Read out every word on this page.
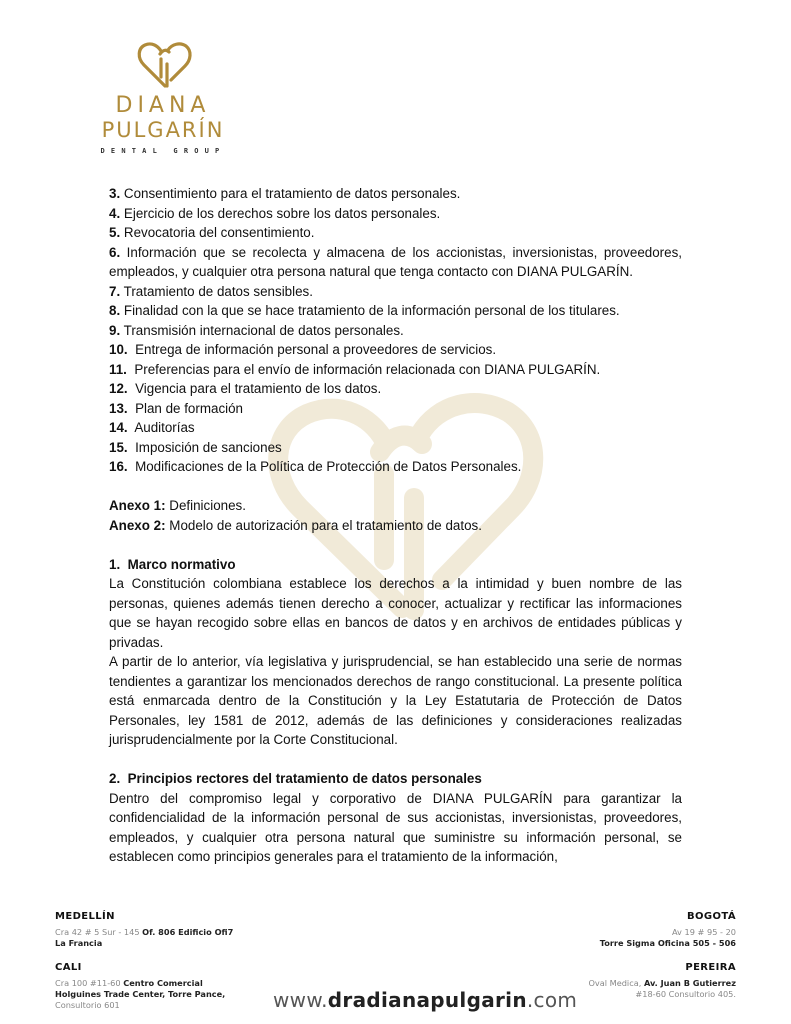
DIANA
PULGARÍN
DENTAL GROUP

3. Consentimiento para el tratamiento de datos personales.

4. Ejercicio de los derechos sobre los datos personales.

5. Revocatoria del consentimiento.

6. Información que se recolecta y almacena de los accionistas, inversionistas, proveedores, empleados, y cualquier otra persona natural que tenga contacto con DIANA PULGARÍN.

7. Tratamiento de datos sensibles.

8. Finalidad con la que se hace tratamiento de la información personal de los titulares.

9. Transmisión internacional de datos personales.

10. Entrega de información personal a proveedores de servicios.

11. Preferencias para el envío de información relacionada con DIANA PULGARÍN.

12. Vigencia para el tratamiento de los datos.

13. Plan de formación

14. Auditorías

15. Imposición de sanciones

16. Modificaciones de la Política de Protección de Datos Personales.

Anexo 1: Definiciones.

Anexo 2: Modelo de autorización para el tratamiento de datos.

1.  Marco normativo

La Constitución colombiana establece los derechos a la intimidad y buen nombre de las personas, quienes además tienen derecho a conocer, actualizar y rectificar las informaciones que se hayan recogido sobre ellas en bancos de datos y en archivos de entidades públicas y privadas.

A partir de lo anterior, vía legislativa y jurisprudencial, se han establecido una serie de normas tendientes a garantizar los mencionados derechos de rango constitucional. La presente política está enmarcada dentro de la Constitución y la Ley Estatutaria de Protección de Datos Personales, ley 1581 de 2012, además de las definiciones y consideraciones realizadas jurisprudencialmente por la Corte Constitucional.

2.  Principios rectores del tratamiento de datos personales

Dentro del compromiso legal y corporativo de DIANA PULGARÍN para garantizar la confidencialidad de la información personal de sus accionistas, inversionistas, proveedores, empleados, y cualquier otra persona natural que suministre su información personal, se establecen como principios generales para el tratamiento de la información,

MEDELLÍN
Cra 42 # 5 Sur - 145 Of. 806 Edificio Ofi7
La Francia
CALI
Cra 100 #11-60 Centro Comercial
Holguines Trade Center, Torre Pance,
Consultorio 601
BOGOTÁ
Av 19 # 95 - 20
Torre Sigma Oficina 505 - 506
PEREIRA
Oval Medica, Av. Juan B Gutierrez
#18-60 Consultorio 405.
www.dradianapulgarin.com
